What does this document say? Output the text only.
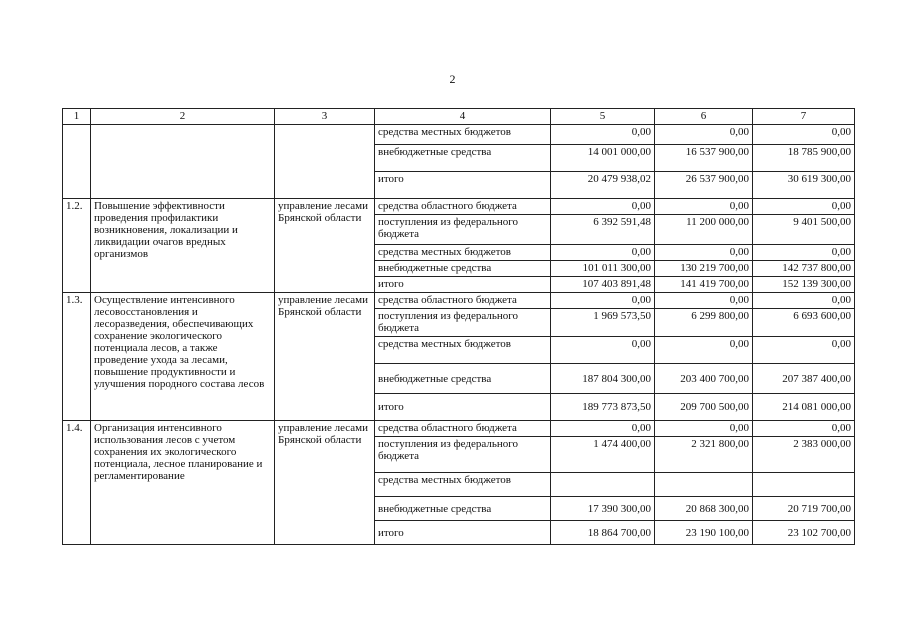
2
1	2	3	4	5	6	7
			средства местных бюджетов	0,00	0,00	0,00
			внебюджетные средства	14 001 000,00	16 537 900,00	18 785 900,00
			итого	20 479 938,02	26 537 900,00	30 619 300,00
1.2.	Повышение эффективности проведения профилактики возникновения, локализации и ликвидации очагов вредных организмов	управление лесами Брянской области	средства областного бюджета	0,00	0,00	0,00
			поступления из федерального бюджета	6 392 591,48	11 200 000,00	9 401 500,00
			средства местных бюджетов	0,00	0,00	0,00
			внебюджетные средства	101 011 300,00	130 219 700,00	142 737 800,00
			итого	107 403 891,48	141 419 700,00	152 139 300,00
1.3.	Осуществление интенсивного лесовосстановления и лесоразведения, обеспечивающих сохранение экологического потенциала лесов, а также проведение ухода за лесами, повышение продуктивности и улучшения породного состава лесов	управление лесами Брянской области	средства областного бюджета	0,00	0,00	0,00
			поступления из федерального бюджета	1 969 573,50	6 299 800,00	6 693 600,00
			средства местных бюджетов	0,00	0,00	0,00
			внебюджетные средства	187 804 300,00	203 400 700,00	207 387 400,00
			итого	189 773 873,50	209 700 500,00	214 081 000,00
1.4.	Организация интенсивного использования лесов с учетом сохранения их экологического потенциала, лесное планирование и регламентирование	управление лесами Брянской области	средства областного бюджета	0,00	0,00	0,00
			поступления из федерального бюджета	1 474 400,00	2 321 800,00	2 383 000,00
			средства местных бюджетов			
			внебюджетные средства	17 390 300,00	20 868 300,00	20 719 700,00
			итого	18 864 700,00	23 190 100,00	23 102 700,00
